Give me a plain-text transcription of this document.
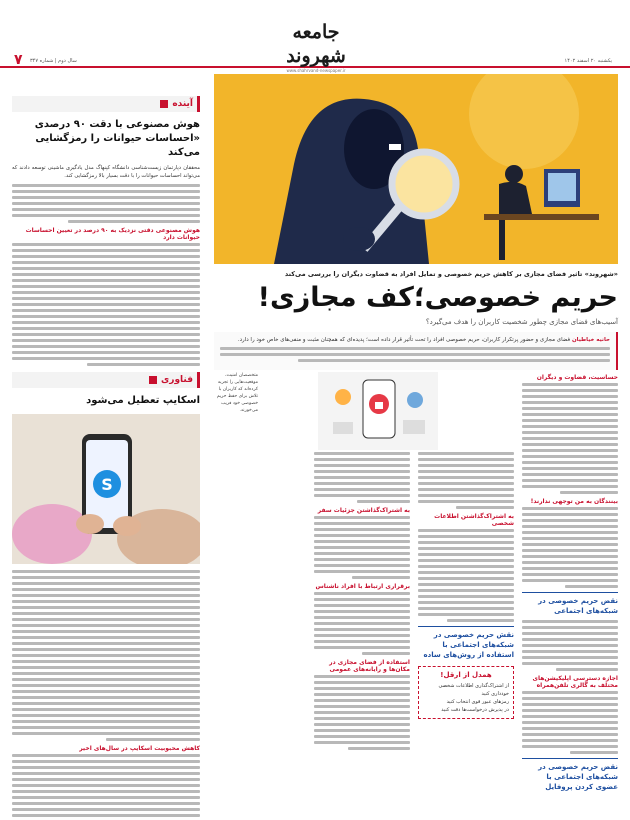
۷ سال دوم | شماره ۳۴۷
جامعه شهروند
www.shahrvand-newspaper.ir
یکشنبه ۲۰ اسفند ۱۴۰۲
آینده
هوش مصنوعی با دقت ۹۰ درصدی «احساسات حیوانات را رمزگشایی می‌کند
محققان دپارتمان زیست‌شناسی دانشگاه کپنهاگ مدل یادگیری ماشینی توسعه دادند که می‌تواند احساسات حیوانات را با دقت بسیار بالا رمزگشایی کند.
هوش مصنوعی دقتی نزدیک به ۹۰ درصد در تعیین احساسات حیوانات دارد
فناوری
اسکایپ تعطیل می‌شود
S
کاهش محبوبیت اسکایپ در سال‌های اخیر
«شهروند» تاثیر فضای مجازی بر کاهش حریم خصوصی و تمایل افراد به قضاوت دیگران را بررسی می‌کند
حریم خصوصی؛کف مجازی!
آسیب‌های فضای مجازی چطور شخصیت کاربران را هدف می‌گیرد؟
حانیه خیاطیان فضای مجازی و حضور پرتکرار کاربران، حریم خصوصی افراد را تحت تأثیر قرار داده است؛ پدیده‌ای که همچنان مثبت و منفی‌های خاص خود را دارد.
متخصصان امنیت، موقعیت‌هایی را تجربه کرده‌اند که کاربران با تلاش برای حفظ حریم خصوصی خود فریب می‌خورند.
حساسیت، قضاوت و دیگران
بینندگان به من توجهی ندارند!
نقض حریم خصوصی در شبکه‌های اجتماعی
اجازه دسترسی اپلیکیشن‌های مختلف به گالری تلفن‌همراه
نقض حریم خصوصی در شبکه‌های اجتماعی با عضوی کردن پروفایل
به اشتراک‌گذاشتن اطلاعات شخصی
نقش حریم خصوصی در شبکه‌های اجتماعی با استفاده از روش‌های ساده
همدل از ارقل!
از اشتراک‌گذاری اطلاعات شخصی خودداری کنید
رمزهای عبور قوی انتخاب کنید
در پذیرش درخواست‌ها دقت کنید
به اشتراک‌گذاشتن جزئیات سفر
برقراری ارتباط با افراد ناشناس
استفاده از فضای مجازی در مکان‌ها و رایانه‌های عمومی
